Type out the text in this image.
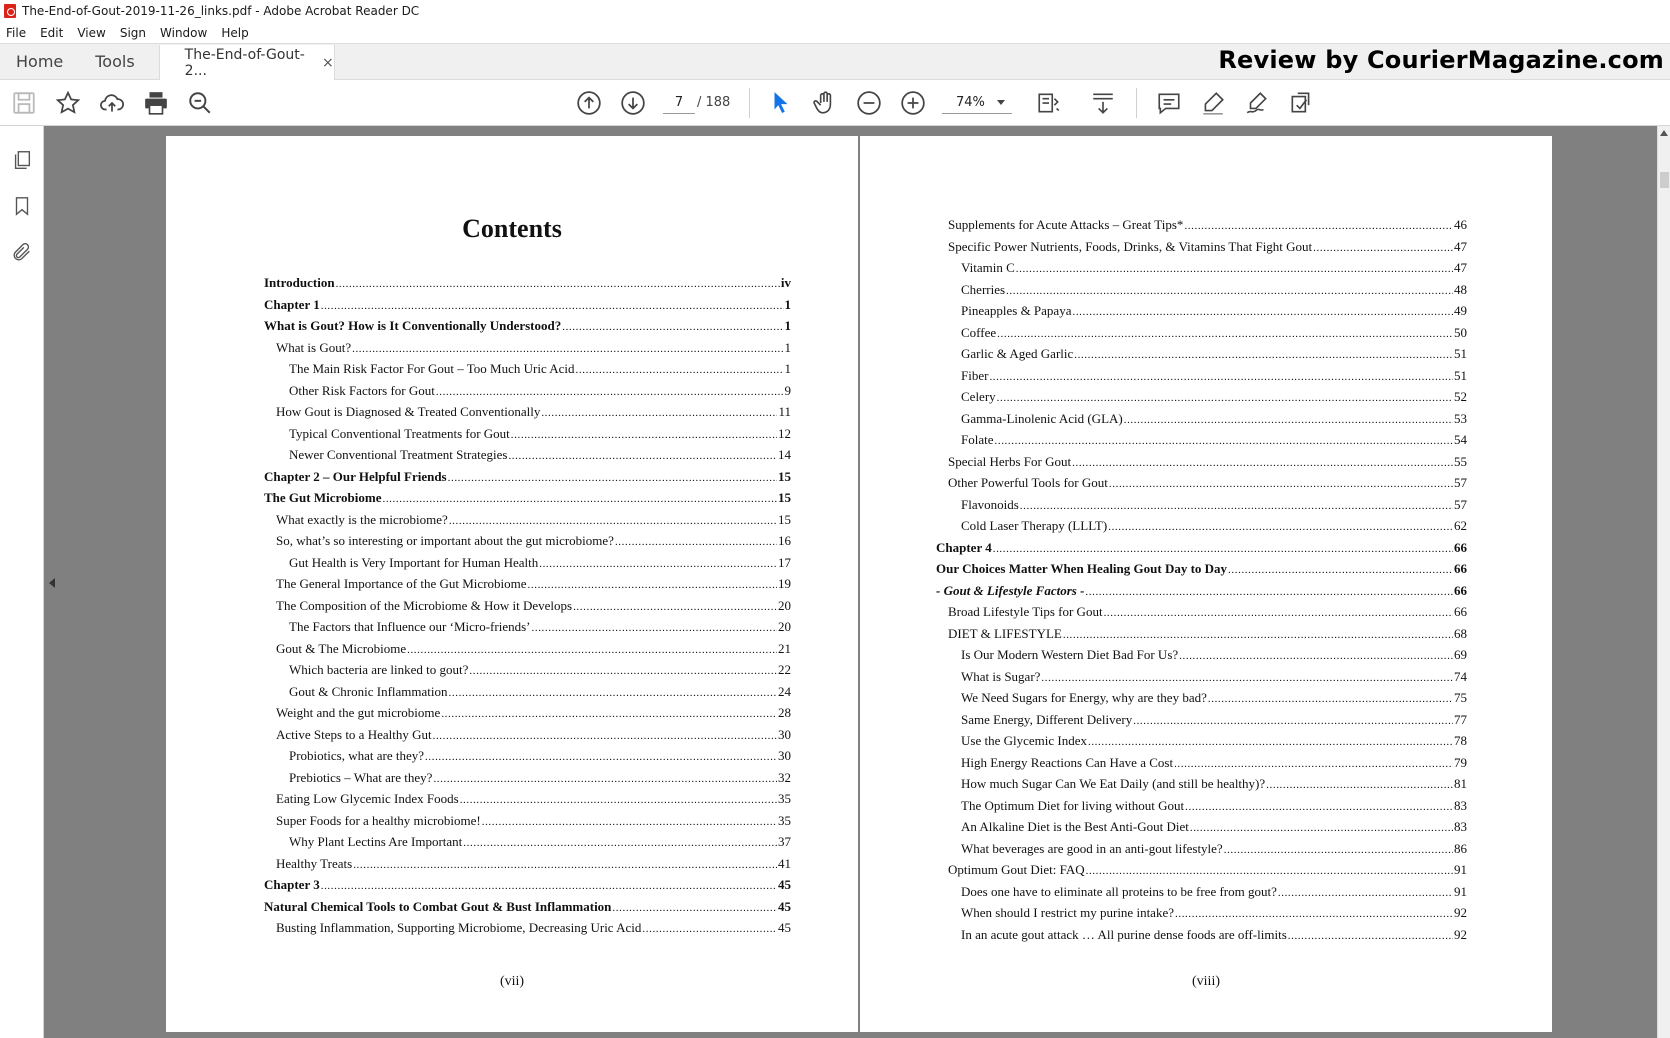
The-End-of-Gout-2019-11-26_links.pdf - Adobe Acrobat Reader DC
File Edit View Sign Window Help
Home	Tools	The-End-of-Gout-2...	×	Review by CourierMagazine.com
7	/ 188	74%
Contents
Introduction .....	iv
Chapter 1 .....	1
What is Gout? How is It Conventionally Understood? .....	1
What is Gout? .....	1
The Main Risk Factor For Gout – Too Much Uric Acid .....	1
Other Risk Factors for Gout .....	9
How Gout is Diagnosed & Treated Conventionally .....	11
Typical Conventional Treatments for Gout .....	12
Newer Conventional Treatment Strategies .....	14
Chapter 2 – Our Helpful Friends .....	15
The Gut Microbiome .....	15
What exactly is the microbiome? .....	15
So, what’s so interesting or important about the gut microbiome? .....	16
Gut Health is Very Important for Human Health .....	17
The General Importance of the Gut Microbiome .....	19
The Composition of the Microbiome & How it Develops .....	20
The Factors that Influence our ‘Micro-friends’ .....	20
Gout & The Microbiome .....	21
Which bacteria are linked to gout? .....	22
Gout & Chronic Inflammation .....	24
Weight and the gut microbiome .....	28
Active Steps to a Healthy Gut .....	30
Probiotics, what are they? .....	30
Prebiotics – What are they? .....	32
Eating Low Glycemic Index Foods .....	35
Super Foods for a healthy microbiome! .....	35
Why Plant Lectins Are Important .....	37
Healthy Treats .....	41
Chapter 3 .....	45
Natural Chemical Tools to Combat Gout & Bust Inflammation .....	45
Busting Inflammation, Supporting Microbiome, Decreasing Uric Acid .....	45
(vii)
Supplements for Acute Attacks – Great Tips* .....	46
Specific Power Nutrients, Foods, Drinks, & Vitamins That Fight Gout .....	47
Vitamin C .....	47
Cherries .....	48
Pineapples & Papaya .....	49
Coffee .....	50
Garlic & Aged Garlic .....	51
Fiber .....	51
Celery .....	52
Gamma-Linolenic Acid (GLA) .....	53
Folate .....	54
Special Herbs For Gout .....	55
Other Powerful Tools for Gout .....	57
Flavonoids .....	57
Cold Laser Therapy (LLLT) .....	62
Chapter 4 .....	66
Our Choices Matter When Healing Gout Day to Day .....	66
- Gout & Lifestyle Factors - .....	66
Broad Lifestyle Tips for Gout .....	66
DIET & LIFESTYLE .....	68
Is Our Modern Western Diet Bad For Us? .....	69
What is Sugar? .....	74
We Need Sugars for Energy, why are they bad? .....	75
Same Energy, Different Delivery .....	77
Use the Glycemic Index .....	78
High Energy Reactions Can Have a Cost .....	79
How much Sugar Can We Eat Daily (and still be healthy)? .....	81
The Optimum Diet for living without Gout .....	83
An Alkaline Diet is the Best Anti-Gout Diet .....	83
What beverages are good in an anti-gout lifestyle? .....	86
Optimum Gout Diet: FAQ .....	91
Does one have to eliminate all proteins to be free from gout? .....	91
When should I restrict my purine intake? .....	92
In an acute gout attack … All purine dense foods are off-limits .....	92
(viii)
